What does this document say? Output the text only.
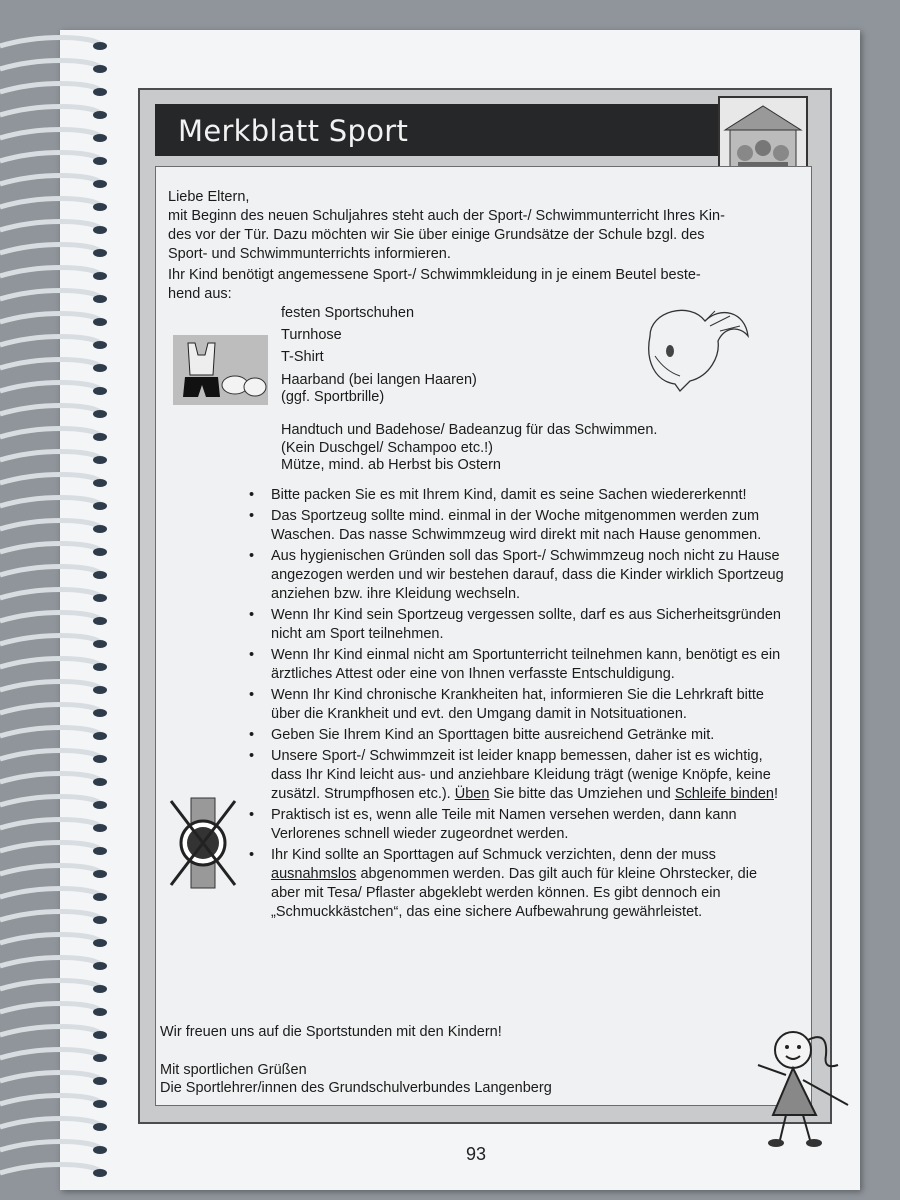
Merkblatt Sport
Liebe Eltern,
mit Beginn des neuen Schuljahres steht auch der Sport-/ Schwimmunterricht Ihres Kin-
des vor der Tür. Dazu möchten wir Sie über einige Grundsätze der Schule bzgl. des
Sport- und Schwimmunterrichts informieren.
Ihr Kind benötigt angemessene Sport-/ Schwimmkleidung in je einem Beutel beste-
hend aus:
festen Sportschuhen
Turnhose
T-Shirt
Haarband (bei langen Haaren)
(ggf. Sportbrille)
Handtuch und Badehose/ Badeanzug für das Schwimmen.
(Kein Duschgel/ Schampoo etc.!)
Mütze, mind. ab Herbst bis Ostern
• Bitte packen Sie es mit Ihrem Kind, damit es seine Sachen wiedererkennt!
• Das Sportzeug sollte mind. einmal in der Woche mitgenommen werden zum Waschen. Das nasse Schwimmzeug wird direkt mit nach Hause genommen.
• Aus hygienischen Gründen soll das Sport-/ Schwimmzeug noch nicht zu Hause angezogen werden und wir bestehen darauf, dass die Kinder wirklich Sportzeug anziehen bzw. ihre Kleidung wechseln.
• Wenn Ihr Kind sein Sportzeug vergessen sollte, darf es aus Sicherheitsgründen nicht am Sport teilnehmen.
• Wenn Ihr Kind einmal nicht am Sportunterricht teilnehmen kann, benötigt es ein ärztliches Attest oder eine von Ihnen verfasste Entschuldigung.
• Wenn Ihr Kind chronische Krankheiten hat, informieren Sie die Lehrkraft bitte über die Krankheit und evt. den Umgang damit in Notsituationen.
• Geben Sie Ihrem Kind an Sporttagen bitte ausreichend Getränke mit.
• Unsere Sport-/ Schwimmzeit ist leider knapp bemessen, daher ist es wichtig, dass Ihr Kind leicht aus- und anziehbare Kleidung trägt (wenige Knöpfe, keine zusätzl. Strumpfhosen etc.). Üben Sie bitte das Umziehen und Schleife binden!
• Praktisch ist es, wenn alle Teile mit Namen versehen werden, dann kann Verlorenes schnell wieder zugeordnet werden.
• Ihr Kind sollte an Sporttagen auf Schmuck verzichten, denn der muss ausnahmslos abgenommen werden. Das gilt auch für kleine Ohrstecker, die aber mit Tesa/ Pflaster abgeklebt werden können. Es gibt dennoch ein „Schmuckkästchen“, das eine sichere Aufbewahrung gewährleistet.
Wir freuen uns auf die Sportstunden mit den Kindern!
Mit sportlichen Grüßen
Die Sportlehrer/innen des Grundschulverbundes Langenberg
93
